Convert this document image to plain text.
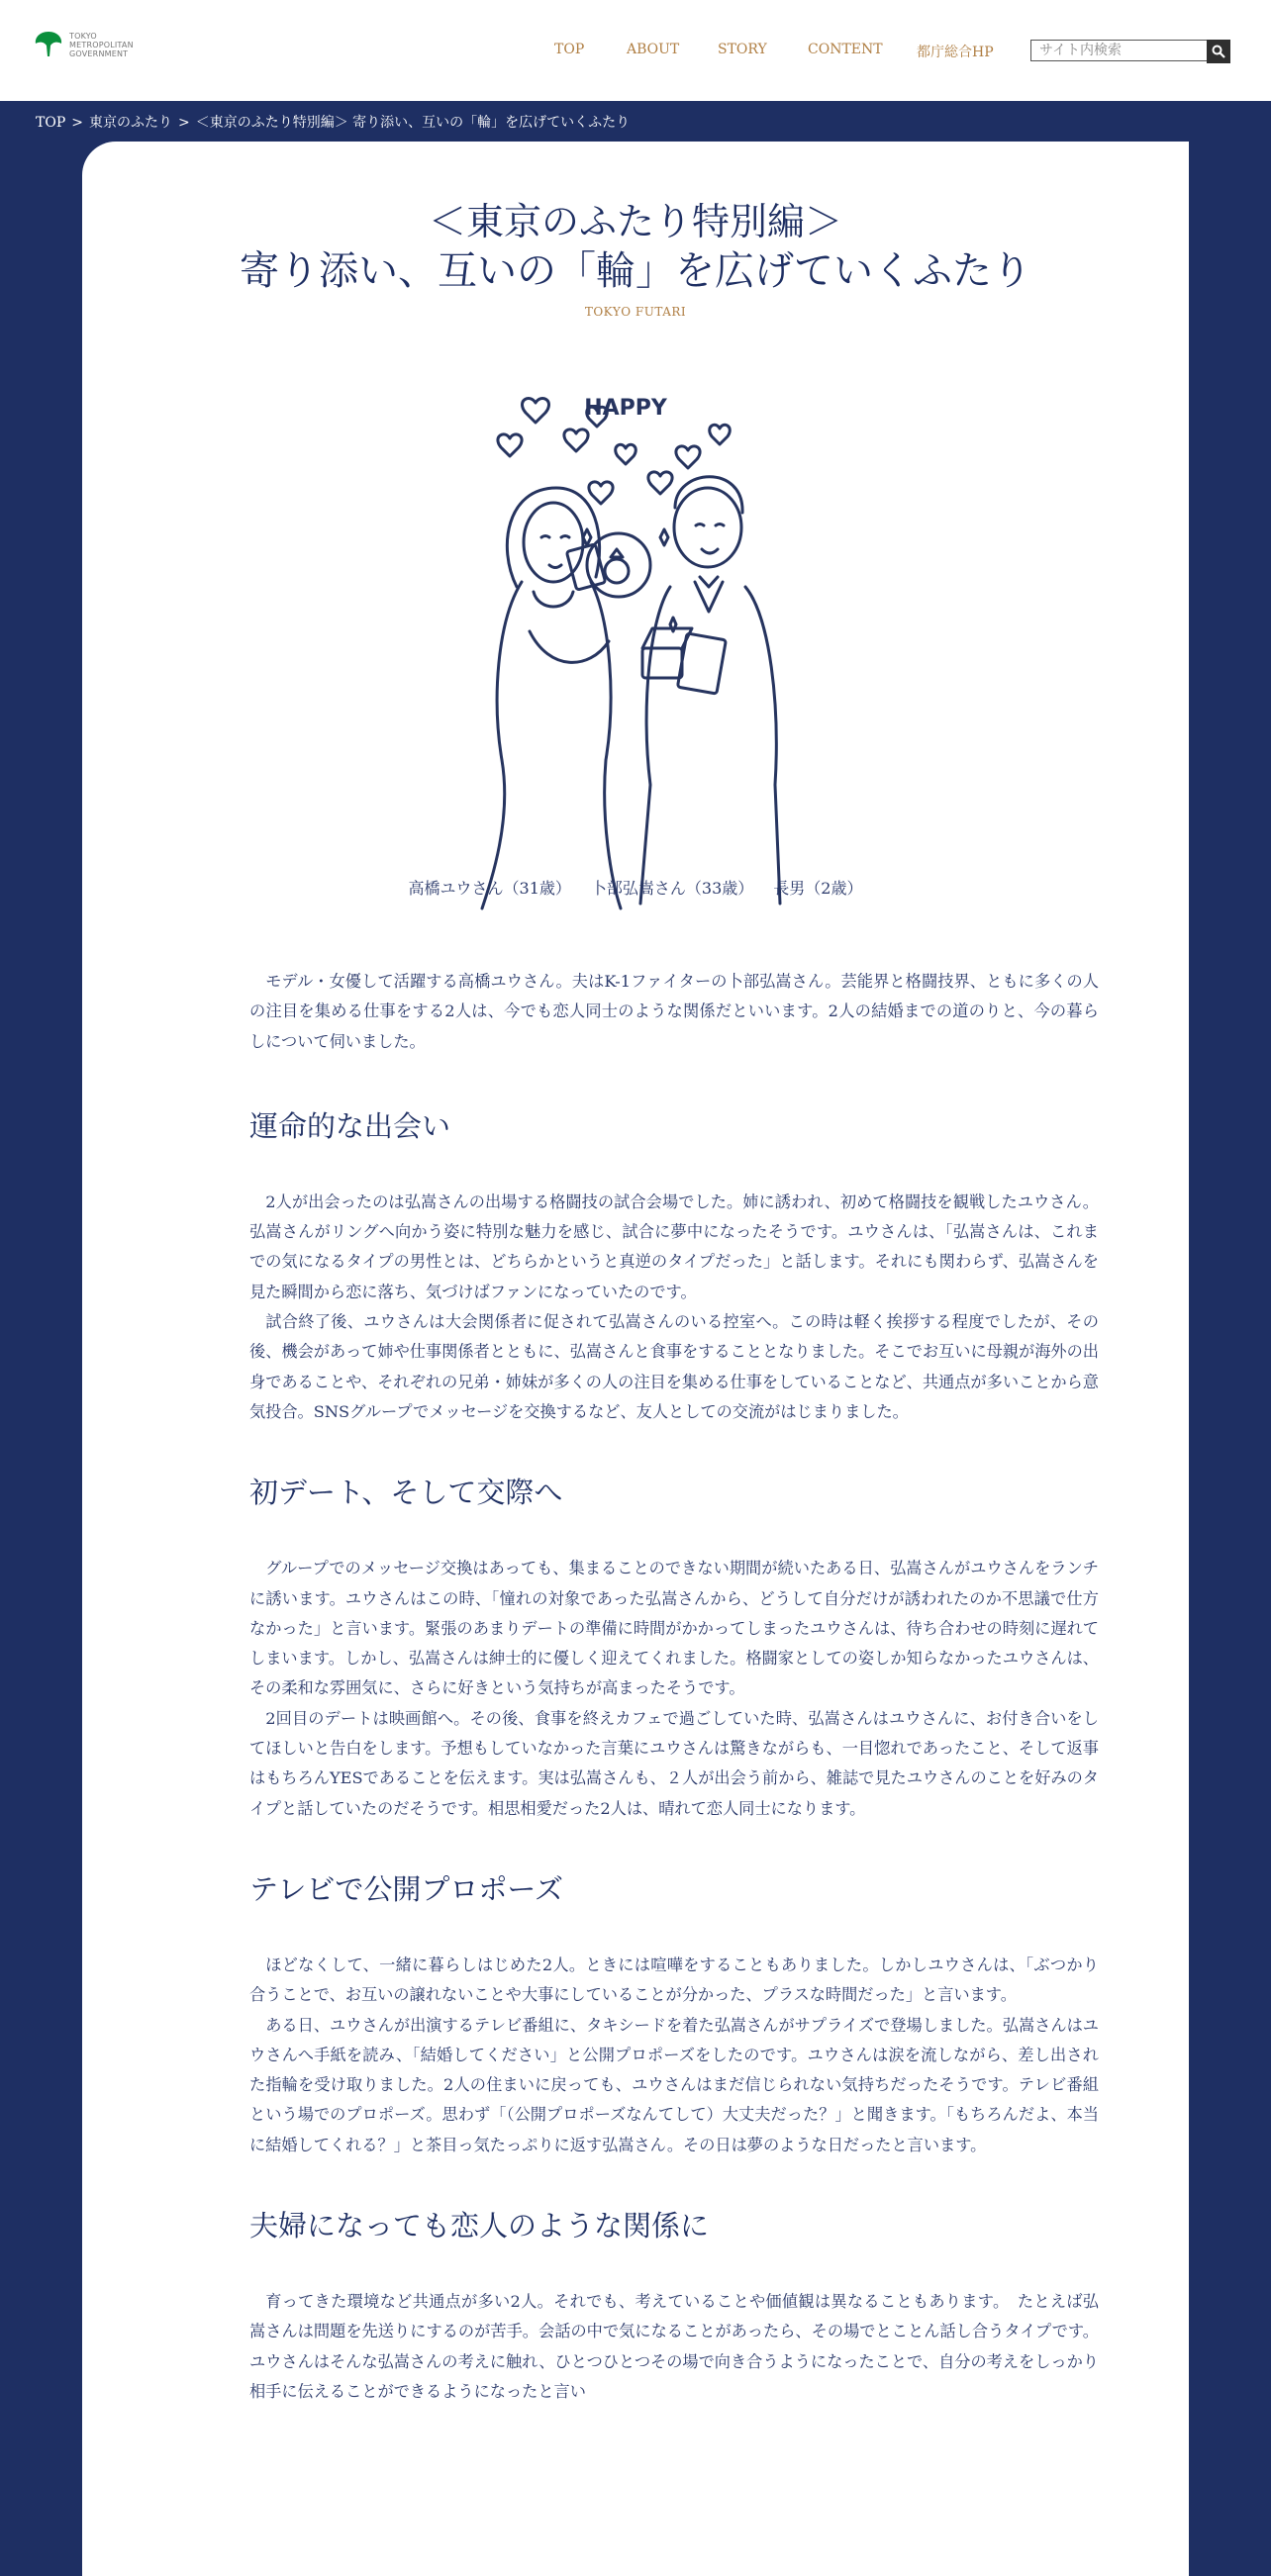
TOKYO
METROPOLITAN
GOVERNMENT	TOP	ABOUT	STORY	CONTENT 都庁総合HP
サイト内検索
TOP > 東京のふたり > ＜東京のふたり特別編＞ 寄り添い、互いの「輪」を広げていくふたり
＜東京のふたり特別編＞
寄り添い、互いの「輪」を広げていくふたり
TOKYO FUTARI
HAPPY
高橋ユウさん（31歳） 卜部弘嵩さん（33歳） 長男（2歳）

モデル・女優して活躍する高橋ユウさん。夫はK-1ファイターの卜部弘嵩さん。芸能界と格闘技界、ともに多くの人の注目を集める仕事をする2人は、今でも恋人同士のような関係だといいます。2人の結婚までの道のりと、今の暮らしについて伺いました。

運命的な出会い

2人が出会ったのは弘嵩さんの出場する格闘技の試合会場でした。姉に誘われ、初めて格闘技を観戦したユウさん。弘嵩さんがリングへ向かう姿に特別な魅力を感じ、試合に夢中になったそうです。ユウさんは、「弘嵩さんは、これまでの気になるタイプの男性とは、どちらかというと真逆のタイプだった」と話します。それにも関わらず、弘嵩さんを見た瞬間から恋に落ち、気づけばファンになっていたのです。

試合終了後、ユウさんは大会関係者に促されて弘嵩さんのいる控室へ。この時は軽く挨拶する程度でしたが、その後、機会があって姉や仕事関係者とともに、弘嵩さんと食事をすることとなりました。そこでお互いに母親が海外の出身であることや、それぞれの兄弟・姉妹が多くの人の注目を集める仕事をしていることなど、共通点が多いことから意気投合。SNSグループでメッセージを交換するなど、友人としての交流がはじまりました。

初デート、そして交際へ

グループでのメッセージ交換はあっても、集まることのできない期間が続いたある日、弘嵩さんがユウさんをランチに誘います。ユウさんはこの時、「憧れの対象であった弘嵩さんから、どうして自分だけが誘われたのか不思議で仕方なかった」と言います。緊張のあまりデートの準備に時間がかかってしまったユウさんは、待ち合わせの時刻に遅れてしまいます。しかし、弘嵩さんは紳士的に優しく迎えてくれました。格闘家としての姿しか知らなかったユウさんは、その柔和な雰囲気に、さらに好きという気持ちが高まったそうです。

2回目のデートは映画館へ。その後、食事を終えカフェで過ごしていた時、弘嵩さんはユウさんに、お付き合いをしてほしいと告白をします。予想もしていなかった言葉にユウさんは驚きながらも、一目惚れであったこと、そして返事はもちろんYESであることを伝えます。実は弘嵩さんも、２人が出会う前から、雑誌で見たユウさんのことを好みのタイプと話していたのだそうです。相思相愛だった2人は、晴れて恋人同士になります。

テレビで公開プロポーズ

ほどなくして、一緒に暮らしはじめた2人。ときには喧嘩をすることもありました。しかしユウさんは、「ぶつかり合うことで、お互いの譲れないことや大事にしていることが分かった、プラスな時間だった」と言います。

ある日、ユウさんが出演するテレビ番組に、タキシードを着た弘嵩さんがサプライズで登場しました。弘嵩さんはユウさんへ手紙を読み、「結婚してください」と公開プロポーズをしたのです。ユウさんは涙を流しながら、差し出された指輪を受け取りました。2人の住まいに戻っても、ユウさんはまだ信じられない気持ちだったそうです。テレビ番組という場でのプロポーズ。思わず「（公開プロポーズなんてして）大丈夫だった？」と聞きます。「もちろんだよ、本当に結婚してくれる？」と茶目っ気たっぷりに返す弘嵩さん。その日は夢のような日だったと言います。

夫婦になっても恋人のような関係に

育ってきた環境など共通点が多い2人。それでも、考えていることや価値観は異なることもあります。　たとえば弘嵩さんは問題を先送りにするのが苦手。会話の中で気になることがあったら、その場でとことん話し合うタイプです。ユウさんはそんな弘嵩さんの考えに触れ、ひとつひとつその場で向き合うようになったことで、自分の考えをしっかり相手に伝えることができるようになったと言い
